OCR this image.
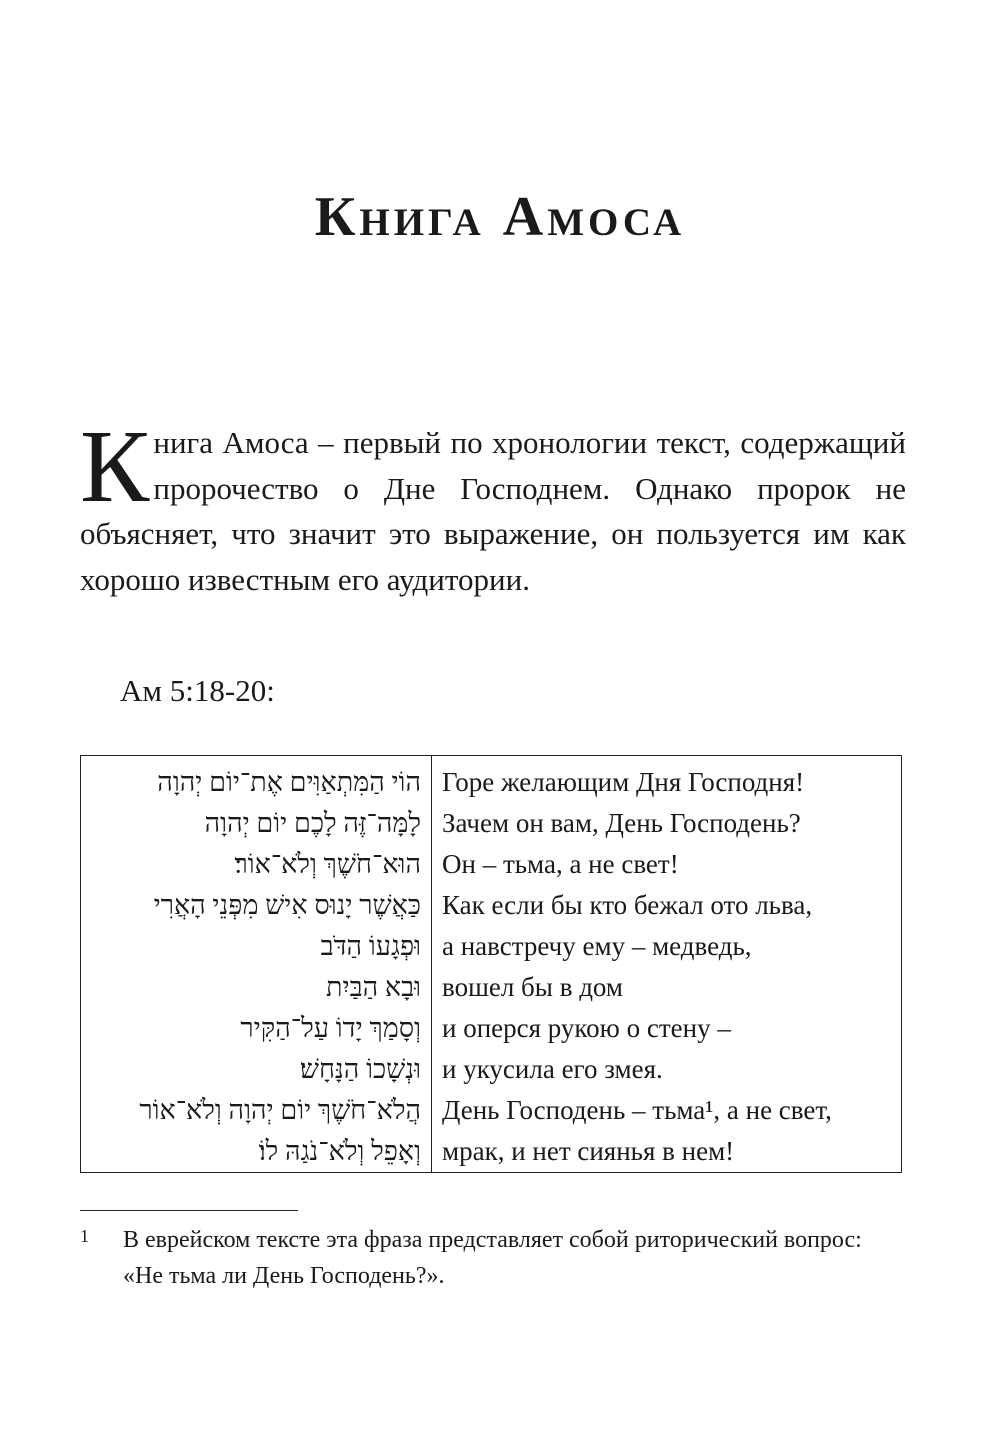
Книга Амоса
Книга Амоса – первый по хронологии текст, содержащий пророчество о Дне Господнем. Однако пророк не объясняет, что значит это выражение, он пользуется им как хорошо известным его аудитории.
Ам 5:18-20:
הוֹי הַמִּתְאַוִּים אֶת־יוֹם יְהוָה	Горе желающим Дня Господня!
לָמָּה־זֶּה לָכֶם יוֹם יְהוָה	Зачем он вам, День Господень?
הוּא־חֹשֶׁךְ וְלֹא־אוֹר׃	Он – тьма, а не свет!
כַּאֲשֶׁר יָנוּס אִישׁ מִפְּנֵי הָאֲרִי	Как если бы кто бежал ото льва,
וּפְגָעוֹ הַדֹּב	а навстречу ему – медведь,
וּבָא הַבַּיִת	вошел бы в дом
וְסָמַךְ יָדוֹ עַל־הַקִּיר	и оперся рукою о стену –
וּנְשָׁכוֹ הַנָּחָשׁ׃	и укусила его змея.
הֲלֹא־חֹשֶׁךְ יוֹם יְהוָה וְלֹא־אוֹר	День Господень – тьма¹, а не свет,
וְאָפֵל וְלֹא־נֹגַהּ לוֹ׃	мрак, и нет сиянья в нем!
1 В еврейском тексте эта фраза представляет собой риторический вопрос: «Не тьма ли День Господень?».
